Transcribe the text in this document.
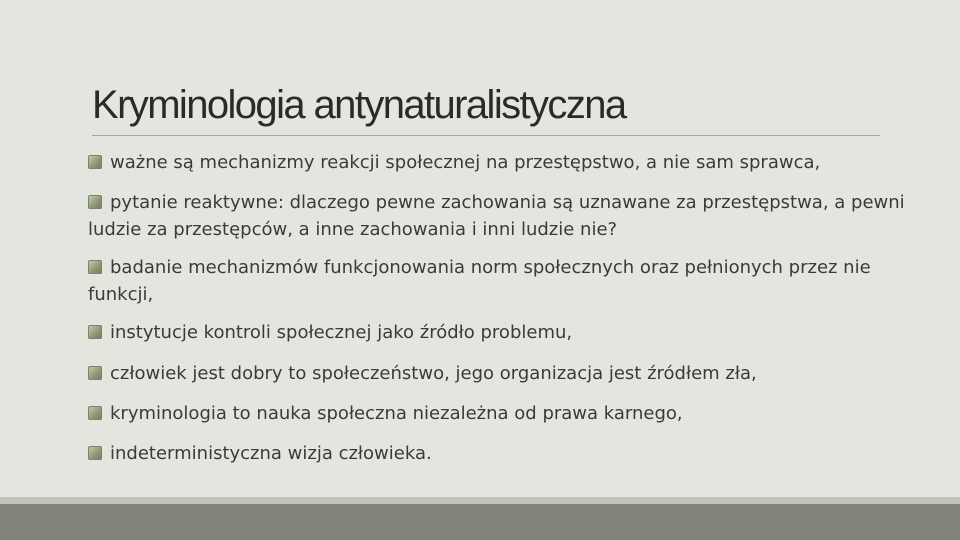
Kryminologia antynaturalistyczna
ważne są mechanizmy reakcji społecznej na przestępstwo, a nie sam sprawca,
pytanie reaktywne: dlaczego pewne zachowania są uznawane za przestępstwa, a pewni ludzie za przestępców, a inne zachowania i inni ludzie nie?
badanie mechanizmów funkcjonowania norm społecznych oraz pełnionych przez nie funkcji,
instytucje kontroli społecznej jako źródło problemu,
człowiek jest dobry to społeczeństwo, jego organizacja jest źródłem zła,
kryminologia to nauka społeczna niezależna od prawa karnego,
indeterministyczna wizja człowieka.
